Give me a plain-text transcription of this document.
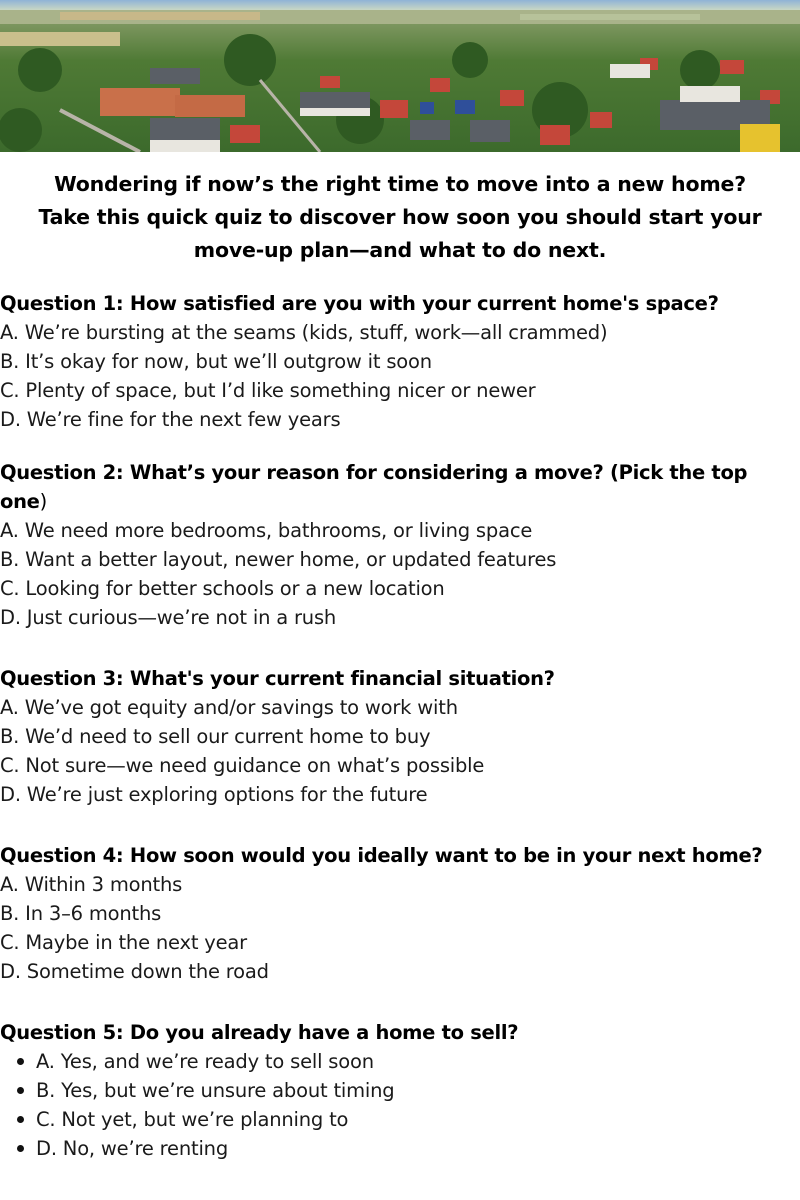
Wondering if now’s the right time to move into a new home?
Take this quick quiz to discover how soon you should start your
move-up plan—and what to do next.
Question 1: How satisfied are you with your current home's space?
A. We’re bursting at the seams (kids, stuff, work—all crammed)
B. It’s okay for now, but we’ll outgrow it soon
C. Plenty of space, but I’d like something nicer or newer
D. We’re fine for the next few years
Question 2: What’s your reason for considering a move? (Pick the top one)
A. We need more bedrooms, bathrooms, or living space
B. Want a better layout, newer home, or updated features
C. Looking for better schools or a new location
D. Just curious—we’re not in a rush
Question 3: What's your current financial situation?
A. We’ve got equity and/or savings to work with
B. We’d need to sell our current home to buy
C. Not sure—we need guidance on what’s possible
D. We’re just exploring options for the future
Question 4: How soon would you ideally want to be in your next home?
A. Within 3 months
B. In 3–6 months
C. Maybe in the next year
D. Sometime down the road
Question 5: Do you already have a home to sell?
A. Yes, and we’re ready to sell soon
B. Yes, but we’re unsure about timing
C. Not yet, but we’re planning to
D. No, we’re renting
